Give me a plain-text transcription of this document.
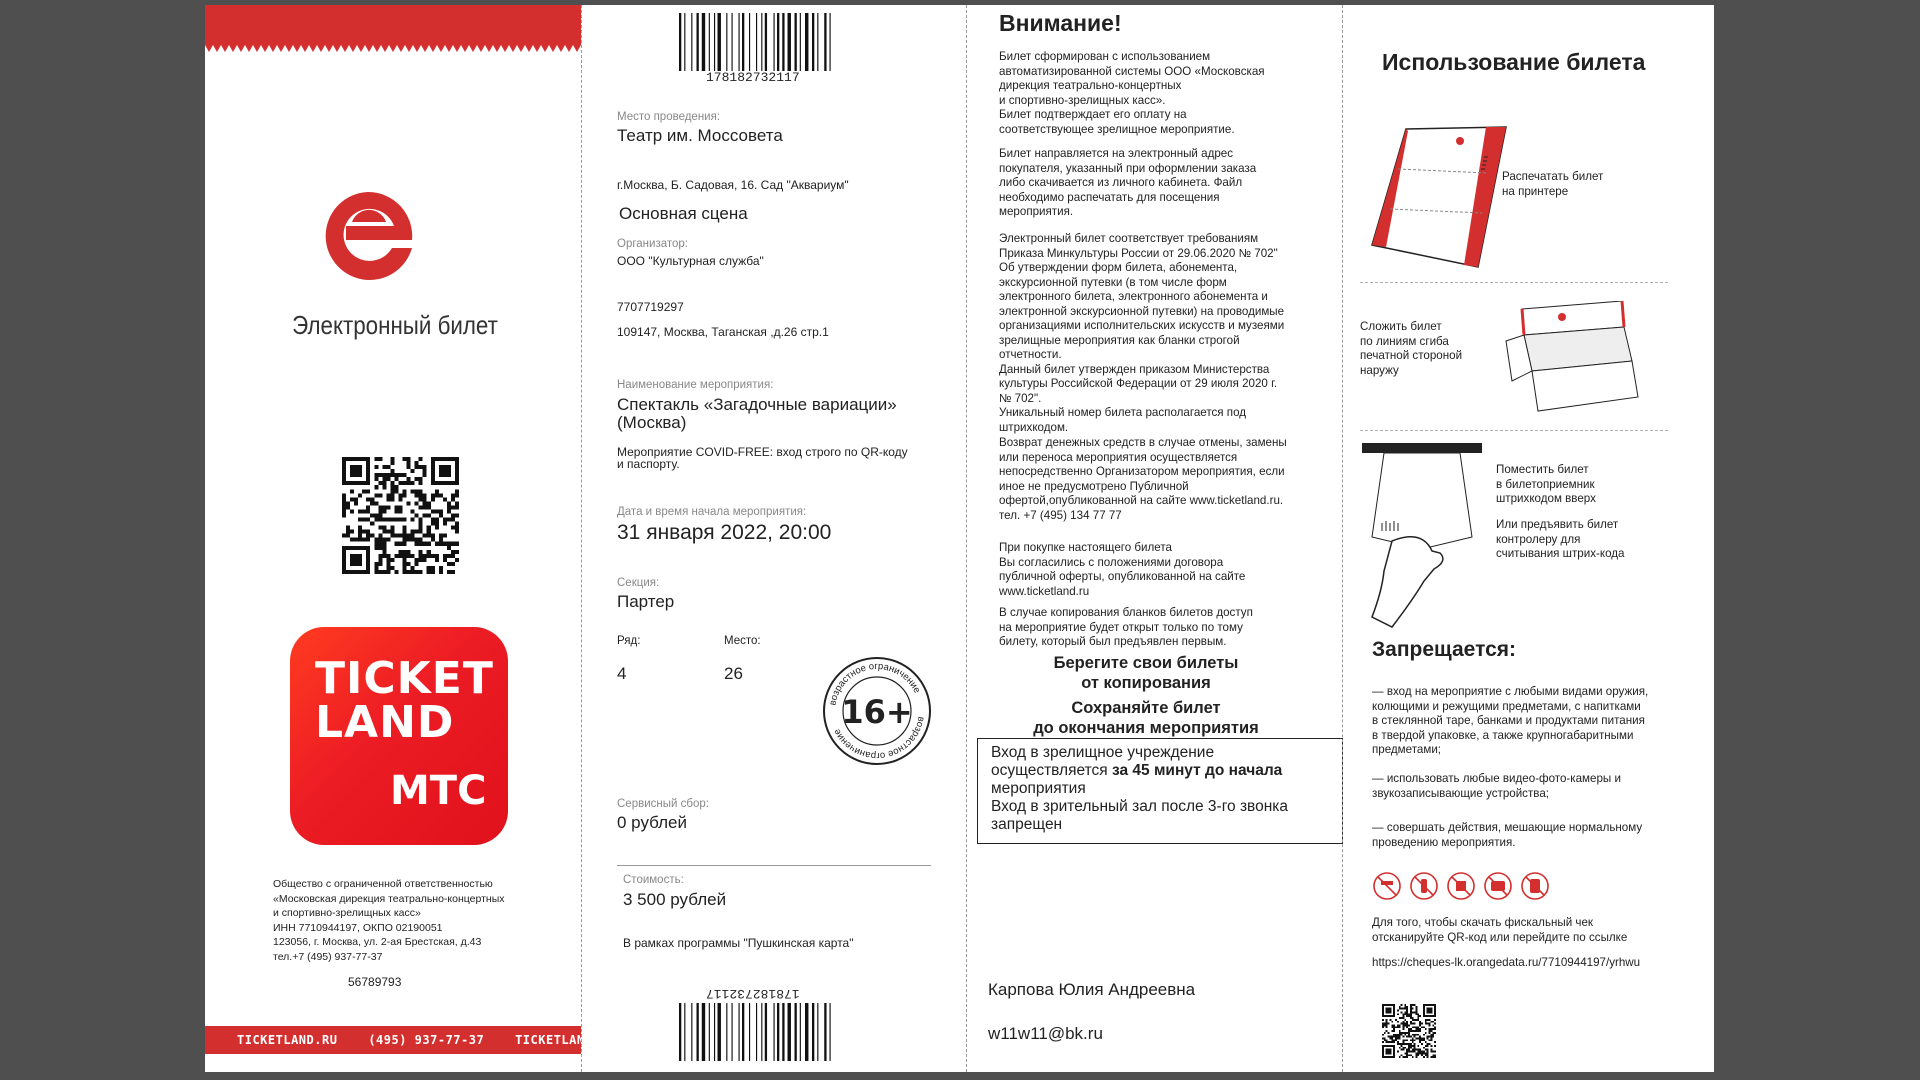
Электронный билет
TICKET
LAND
МТС
Общество с ограниченной ответственностью
«Московская дирекция театрально-концертных
и спортивно-зрелищных касс»
ИНН 7710944197, ОКПО 02190051
123056, г. Москва, ул. 2-ая Брестская, д.43
тел.+7 (495) 937-77-37
56789793
TICKETLAND.RU    (495) 937-77-37    TICKETLAND.RU
178182732117
Место проведения:
Театр им. Моссовета
г.Москва, Б. Садовая, 16. Сад "Аквариум"
Основная сцена
Организатор:
ООО "Культурная служба"
7707719297
109147, Москва, Таганская ,д.26 стр.1
Наименование мероприятия:
Спектакль «Загадочные вариации»
(Москва)
Мероприятие COVID-FREE: вход строго по QR-коду
и паспорту.
Дата и время начала мероприятия:
31 января 2022, 20:00
Секция:
Партер
Ряд:
4
Место:
26
возрастное ограничение
возрастное ограничение
16+
Сервисный сбор:
0 рублей
Стоимость:
3 500 рублей
В рамках программы "Пушкинская карта"
178182732117
Внимание!
Билет сформирован с использованием
автоматизированной системы ООО «Московская
дирекция театрально-концертных
и спортивно-зрелищных касс».
Билет подтверждает его оплату на
соответствующее зрелищное мероприятие.
Билет направляется на электронный адрес
покупателя, указанный при оформлении заказа
либо скачивается из личного кабинета. Файл
необходимо распечатать для посещения
мероприятия.
Электронный билет соответствует требованиям
Приказа Минкультуры России от 29.06.2020 № 702"
Об утверждении форм билета, абонемента,
экскурсионной путевки (в том числе форм
электронного билета, электронного абонемента и
электронной экскурсионной путевки) на проводимые
организациями исполнительских искусств и музеями
зрелищные мероприятия как бланки строгой
отчетности.
Данный билет утвержден приказом Министерства
культуры Российской Федерации от 29 июля 2020 г.
№ 702".
Уникальный номер билета располагается под
штрихкодом.
Возврат денежных средств в случае отмены, замены
или переноса мероприятия осуществляется
непосредственно Организатором мероприятия, если
иное не предусмотрено Публичной
офертой,опубликованной на сайте www.ticketland.ru.
тел. +7 (495) 134 77 77
При покупке настоящего билета
Вы согласились с положениями договора
публичной оферты, опубликованной на сайте
www.ticketland.ru
В случае копирования бланков билетов доступ
на мероприятие будет открыт только по тому
билету, который был предъявлен первым.
Берегите свои билеты
от копирования
Сохраняйте билет
до окончания мероприятия
Вход в зрелищное учреждение
осуществляется за 45 минут до начала
мероприятия
Вход в зрительный зал после 3-го звонка
запрещен
Карпова Юлия Андреевна
w11w11@bk.ru
Использование билета
Распечатать билет
на принтере
Сложить билет
по линиям сгиба
печатной стороной
наружу
Поместить билет
в билетоприемник
штрихкодом вверх
Или предъявить билет
контролеру для
считывания штрих-кода
Запрещается:
— вход на мероприятие с любыми видами оружия,
колющими и режущими предметами, с напитками
в стеклянной таре, банками и продуктами питания
в твердой упаковке, а также крупногабаритными
предметами;
— использовать любые видео-фото-камеры и
звукозаписывающие устройства;
— совершать действия, мешающие нормальному
проведению мероприятия.
Для того, чтобы скачать фискальный чек
отсканируйте QR-код или перейдите по ссылке
https://cheques-lk.orangedata.ru/7710944197/yrhwu
